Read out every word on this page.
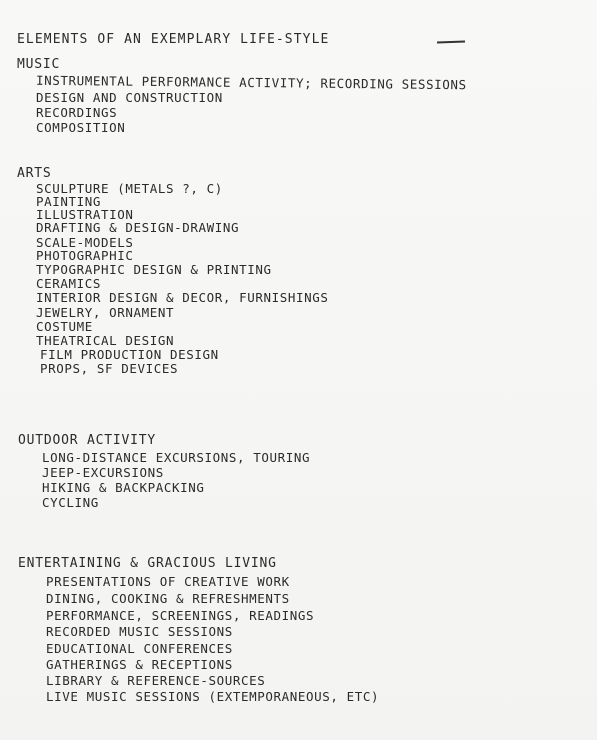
ELEMENTS OF AN EXEMPLARY LIFE-STYLE
MUSIC
INSTRUMENTAL PERFORMANCE ACTIVITY; RECORDING SESSIONS
DESIGN AND CONSTRUCTION
RECORDINGS
COMPOSITION
ARTS
SCULPTURE (METALS ?, C)
PAINTING
ILLUSTRATION
DRAFTING & DESIGN-DRAWING
SCALE-MODELS
PHOTOGRAPHIC
TYPOGRAPHIC DESIGN & PRINTING
CERAMICS
INTERIOR DESIGN & DECOR, FURNISHINGS
JEWELRY, ORNAMENT
COSTUME
THEATRICAL DESIGN
FILM PRODUCTION DESIGN
PROPS, SF DEVICES
OUTDOOR ACTIVITY
LONG-DISTANCE EXCURSIONS, TOURING
JEEP-EXCURSIONS
HIKING & BACKPACKING
CYCLING
ENTERTAINING & GRACIOUS LIVING
PRESENTATIONS OF CREATIVE WORK
DINING, COOKING & REFRESHMENTS
PERFORMANCE, SCREENINGS, READINGS
RECORDED MUSIC SESSIONS
EDUCATIONAL CONFERENCES
GATHERINGS & RECEPTIONS
LIBRARY & REFERENCE-SOURCES
LIVE MUSIC SESSIONS (EXTEMPORANEOUS, ETC)
